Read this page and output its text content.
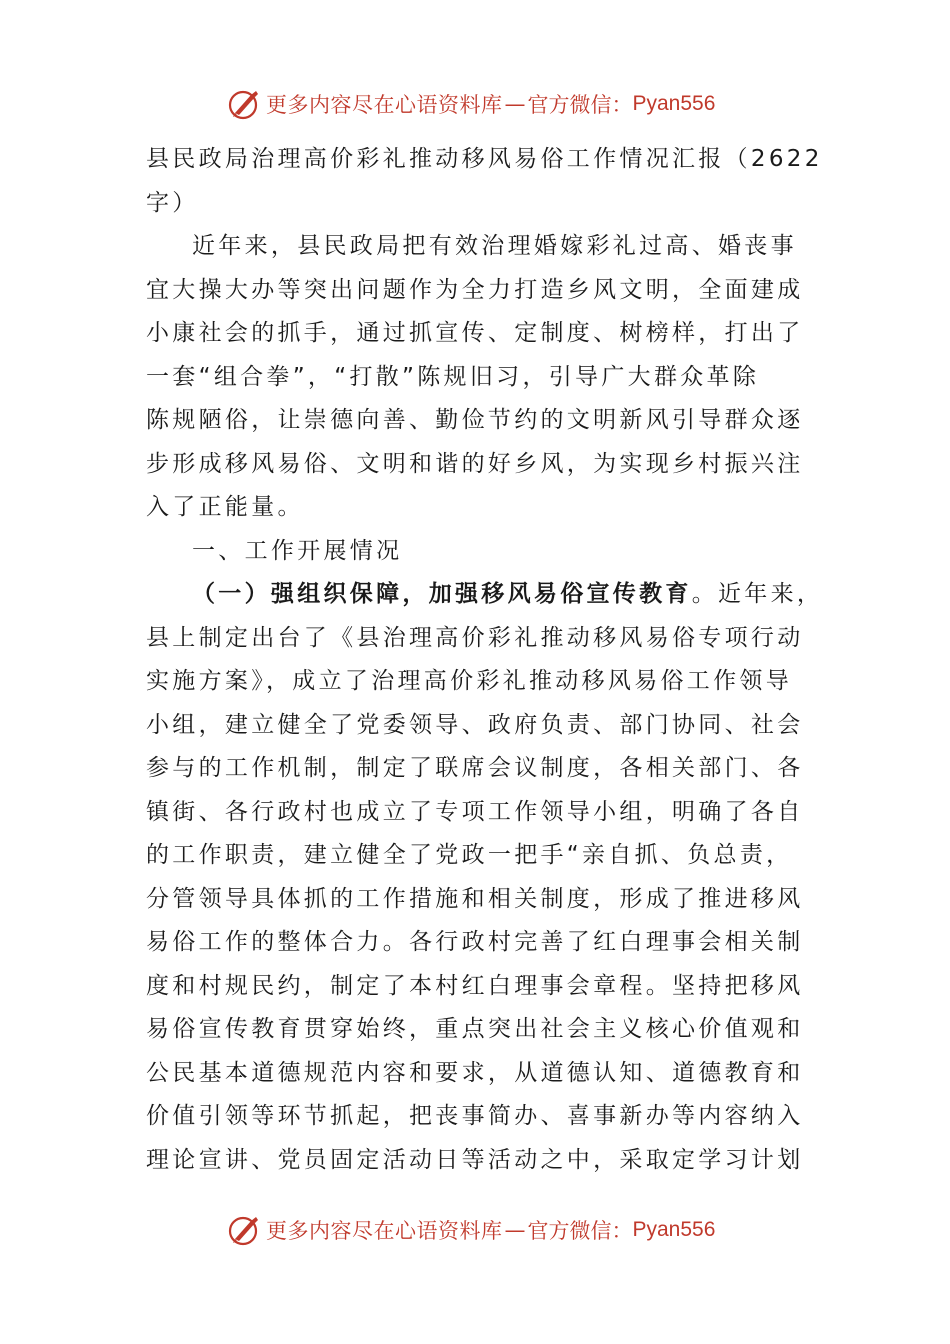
更多内容尽在心语资料库 — 官方微信： Pyan556
县民政局治理高价彩礼推动移风易俗工作情况汇报（2622
字）
近年来，县民政局把有效治理婚嫁彩礼过高、婚丧事
宜大操大办等突出问题作为全力打造乡风文明，全面建成
小康社会的抓手，通过抓宣传、定制度、树榜样，打出了
一套“组合拳”，“打散”陈规旧习，引导广大群众革除
陈规陋俗，让崇德向善、勤俭节约的文明新风引导群众逐
步形成移风易俗、文明和谐的好乡风，为实现乡村振兴注
入了正能量。
一、工作开展情况
（一）强组织保障，加强移风易俗宣传教育。近年来，
县上制定出台了《县治理高价彩礼推动移风易俗专项行动
实施方案》，成立了治理高价彩礼推动移风易俗工作领导
小组，建立健全了党委领导、政府负责、部门协同、社会
参与的工作机制，制定了联席会议制度，各相关部门、各
镇街、各行政村也成立了专项工作领导小组，明确了各自
的工作职责，建立健全了党政一把手“亲自抓、负总责，
分管领导具体抓的工作措施和相关制度，形成了推进移风
易俗工作的整体合力。各行政村完善了红白理事会相关制
度和村规民约，制定了本村红白理事会章程。坚持把移风
易俗宣传教育贯穿始终，重点突出社会主义核心价值观和
公民基本道德规范内容和要求，从道德认知、道德教育和
价值引领等环节抓起，把丧事简办、喜事新办等内容纳入
理论宣讲、党员固定活动日等活动之中，采取定学习计划
更多内容尽在心语资料库 — 官方微信： Pyan556
